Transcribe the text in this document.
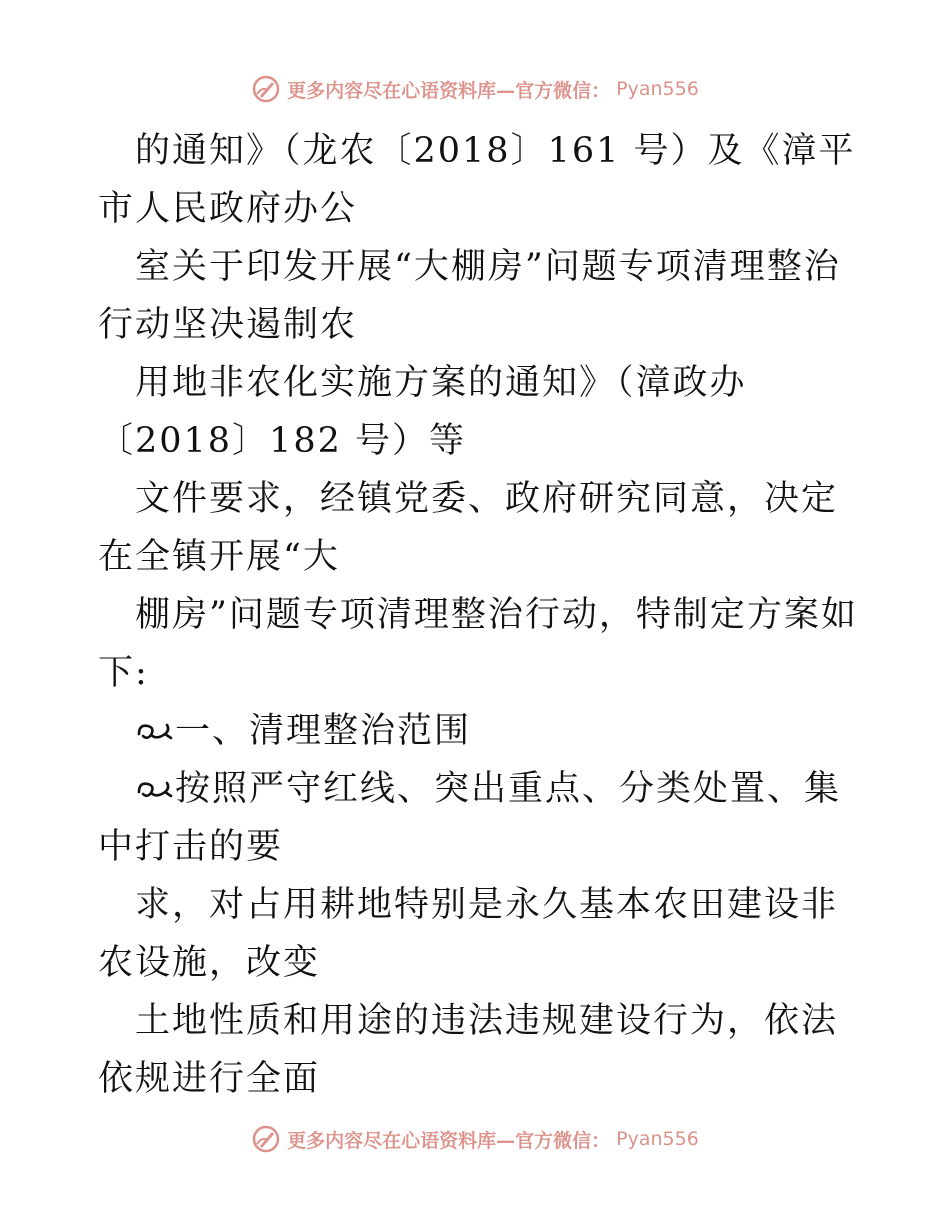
更多内容尽在心语资料库—官方微信： Pyan556

的通知》（龙农〔2018〕161 号）及《漳平市人民政府办公

室关于印发开展“大棚房”问题专项清理整治行动坚决遏制农

用地非农化实施方案的通知》（漳政办〔2018〕182 号）等

文件要求，经镇党委、政府研究同意，决定在全镇开展“大

棚房”问题专项清理整治行动，特制定方案如下:

一、清理整治范围

按照严守红线、突出重点、分类处置、集中打击的要

求，对占用耕地特别是永久基本农田建设非农设施，改变

土地性质和用途的违法违规建设行为，依法依规进行全面

更多内容尽在心语资料库—官方微信： Pyan556
